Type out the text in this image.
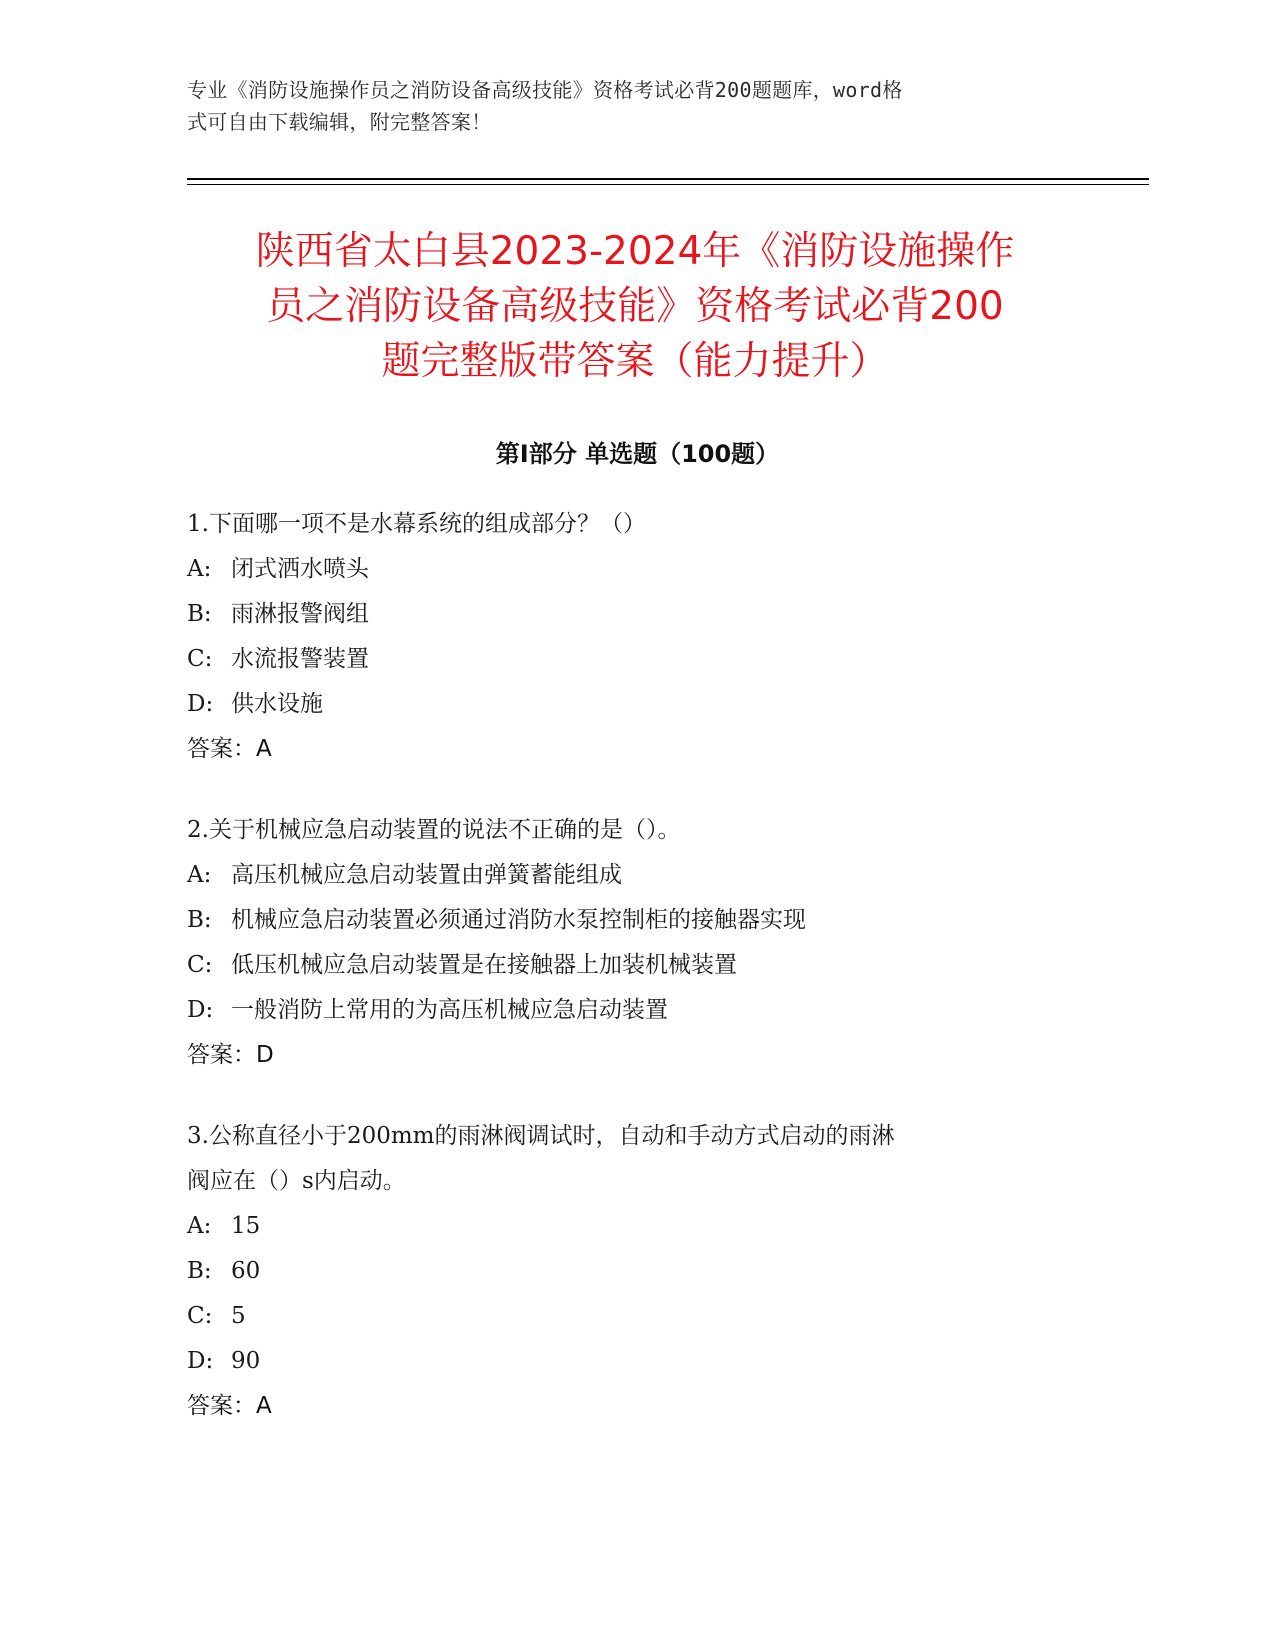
专业《消防设施操作员之消防设备高级技能》资格考试必背200题题库，word格
式可自由下载编辑，附完整答案！
陕西省太白县2023-2024年《消防设施操作
员之消防设备高级技能》资格考试必背200
题完整版带答案（能力提升）
第I部分 单选题（100题）
1.下面哪一项不是水幕系统的组成部分？（）
A: 闭式洒水喷头
B: 雨淋报警阀组
C: 水流报警装置
D: 供水设施
答案：A
2.关于机械应急启动装置的说法不正确的是（）。
A: 高压机械应急启动装置由弹簧蓄能组成
B: 机械应急启动装置必须通过消防水泵控制柜的接触器实现
C: 低压机械应急启动装置是在接触器上加装机械装置
D: 一般消防上常用的为高压机械应急启动装置
答案：D
3.公称直径小于200mm的雨淋阀调试时，自动和手动方式启动的雨淋
阀应在（）s内启动。
A: 15
B: 60
C: 5
D: 90
答案：A
